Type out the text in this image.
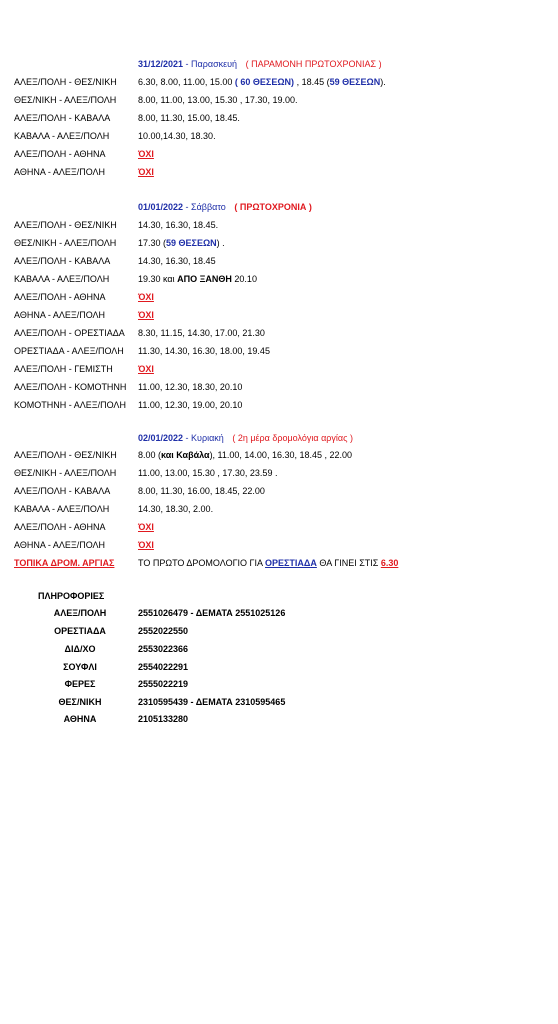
31/12/2021 - Παρασκευή ( ΠΑΡΑΜΟΝΗ ΠΡΩΤΟΧΡΟΝΙΑΣ )
ΑΛΕΞ/ΠΟΛΗ - ΘΕΣ/ΝΙΚΗ	6.30, 8.00, 11.00, 15.00 ( 60 ΘΕΣΕΩΝ) , 18.45 (59 ΘΕΣΕΩΝ).
ΘΕΣ/ΝΙΚΗ - ΑΛΕΞ/ΠΟΛΗ	8.00, 11.00, 13.00, 15.30 , 17.30, 19.00.
ΑΛΕΞ/ΠΟΛΗ - ΚΑΒΑΛΑ	8.00, 11.30, 15.00, 18.45.
ΚΑΒΑΛΑ - ΑΛΕΞ/ΠΟΛΗ	10.00,14.30, 18.30.
ΑΛΕΞ/ΠΟΛΗ - ΑΘΗΝΑ	ΌΧΙ
ΑΘΗΝΑ - ΑΛΕΞ/ΠΟΛΗ	ΌΧΙ
01/01/2022 - Σάββατο ( ΠΡΩΤΟΧΡΟΝΙΑ )
ΑΛΕΞ/ΠΟΛΗ - ΘΕΣ/ΝΙΚΗ	14.30, 16.30, 18.45.
ΘΕΣ/ΝΙΚΗ - ΑΛΕΞ/ΠΟΛΗ	17.30 (59 ΘΕΣΕΩΝ) .
ΑΛΕΞ/ΠΟΛΗ - ΚΑΒΑΛΑ	14.30, 16.30, 18.45
ΚΑΒΑΛΑ - ΑΛΕΞ/ΠΟΛΗ	19.30 και ΑΠΟ ΞΑΝΘΗ 20.10
ΑΛΕΞ/ΠΟΛΗ - ΑΘΗΝΑ	ΌΧΙ
ΑΘΗΝΑ - ΑΛΕΞ/ΠΟΛΗ	ΌΧΙ
ΑΛΕΞ/ΠΟΛΗ - ΟΡΕΣΤΙΑΔΑ	8.30, 11.15, 14.30, 17.00, 21.30
ΟΡΕΣΤΙΑΔΑ - ΑΛΕΞ/ΠΟΛΗ	11.30, 14.30, 16.30, 18.00, 19.45
ΑΛΕΞ/ΠΟΛΗ - ΓΕΜΙΣΤΗ	ΌΧΙ
ΑΛΕΞ/ΠΟΛΗ - ΚΟΜΟΤΗΝΗ	11.00, 12.30, 18.30, 20.10
ΚΟΜΟΤΗΝΗ - ΑΛΕΞ/ΠΟΛΗ	11.00, 12.30, 19.00, 20.10
02/01/2022 - Κυριακή ( 2η μέρα δρομολόγια αργίας )
ΑΛΕΞ/ΠΟΛΗ - ΘΕΣ/ΝΙΚΗ	8.00 (και Καβάλα), 11.00, 14.00, 16.30, 18.45 , 22.00
ΘΕΣ/ΝΙΚΗ - ΑΛΕΞ/ΠΟΛΗ	11.00, 13.00, 15.30 , 17.30, 23.59 .
ΑΛΕΞ/ΠΟΛΗ - ΚΑΒΑΛΑ	8.00, 11.30, 16.00, 18.45, 22.00
ΚΑΒΑΛΑ - ΑΛΕΞ/ΠΟΛΗ	14.30, 18.30, 2.00.
ΑΛΕΞ/ΠΟΛΗ - ΑΘΗΝΑ	ΌΧΙ
ΑΘΗΝΑ - ΑΛΕΞ/ΠΟΛΗ	ΌΧΙ
ΤΟΠΙΚΑ ΔΡΟΜ. ΑΡΓΙΑΣ	ΤΟ ΠΡΩΤΟ ΔΡΟΜΟΛΟΓΙΟ ΓΙΑ ΟΡΕΣΤΙΑΔΑ ΘΑ ΓΙΝΕΙ ΣΤΙΣ 6.30
ΠΛΗΡΟΦΟΡΙΕΣ
ΑΛΕΞ/ΠΟΛΗ	2551026479 - ΔΕΜΑΤΑ 2551025126
ΟΡΕΣΤΙΑΔΑ	2552022550
ΔΙΔ/ΧΟ	2553022366
ΣΟΥΦΛΙ	2554022291
ΦΕΡΕΣ	2555022219
ΘΕΣ/ΝΙΚΗ	2310595439 - ΔΕΜΑΤΑ 2310595465
ΑΘΗΝΑ	2105133280
